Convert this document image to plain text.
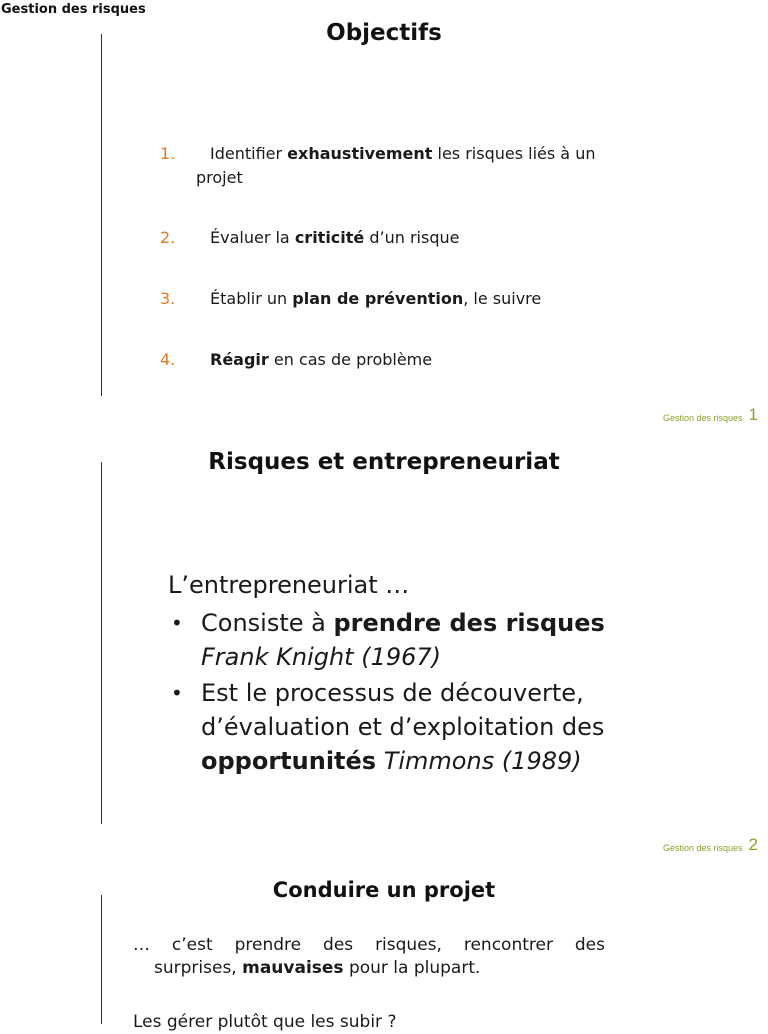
Gestion des risques
Objectifs
1.	Identifier exhaustivement les risques liés à un projet
2.	Évaluer la criticité d’un risque
3.	Établir un plan de prévention, le suivre
4.	Réagir en cas de problème
Gestion des risques 1
Risques et entrepreneuriat
L’entrepreneuriat …
• Consiste à prendre des risques
Frank Knight (1967)
• Est le processus de découverte, d’évaluation et d’exploitation des opportunités Timmons (1989)
Gestion des risques 2
Conduire un projet
… c’est prendre des risques, rencontrer des
surprises, mauvaises pour la plupart.
Les gérer plutôt que les subir ?
